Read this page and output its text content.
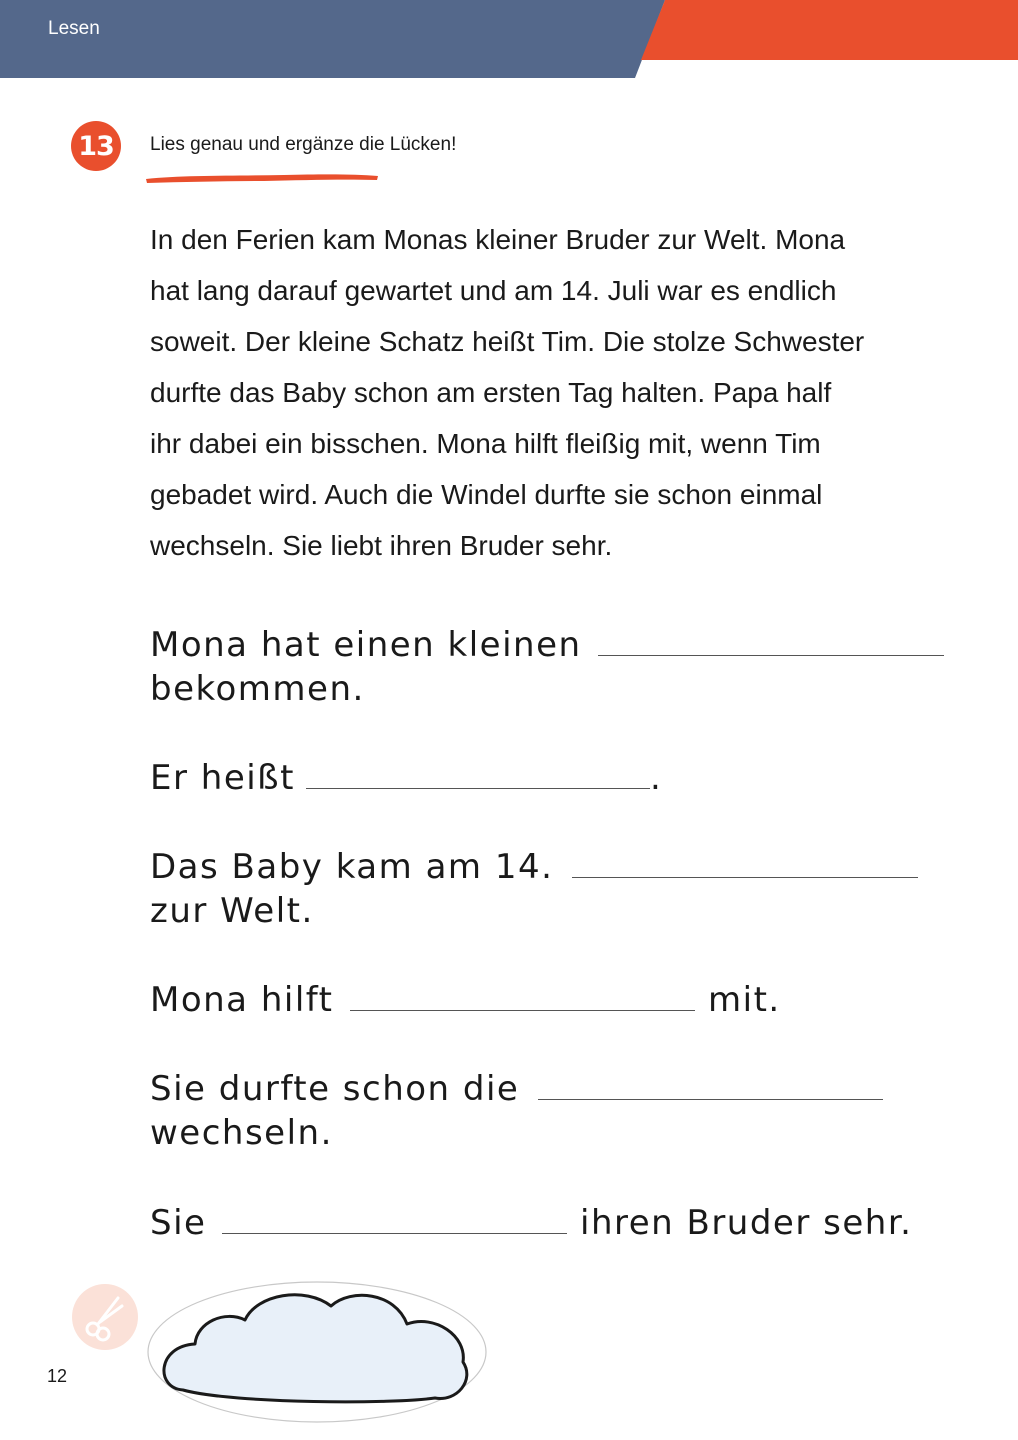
Lesen
13	Lies genau und ergänze die Lücken!
In den Ferien kam Monas kleiner Bruder zur Welt. Mona
hat lang darauf gewartet und am 14. Juli war es endlich
soweit. Der kleine Schatz heißt Tim. Die stolze Schwester
durfte das Baby schon am ersten Tag halten. Papa half
ihr dabei ein bisschen. Mona hilft fleißig mit, wenn Tim
gebadet wird. Auch die Windel durfte sie schon einmal
wechseln. Sie liebt ihren Bruder sehr.
Mona hat einen kleinen
bekommen.
Er heißt	.
Das Baby kam am 14.
zur Welt.
Mona hilft	mit.
Sie durfte schon die
wechseln.
Sie	ihren Bruder sehr.
12
